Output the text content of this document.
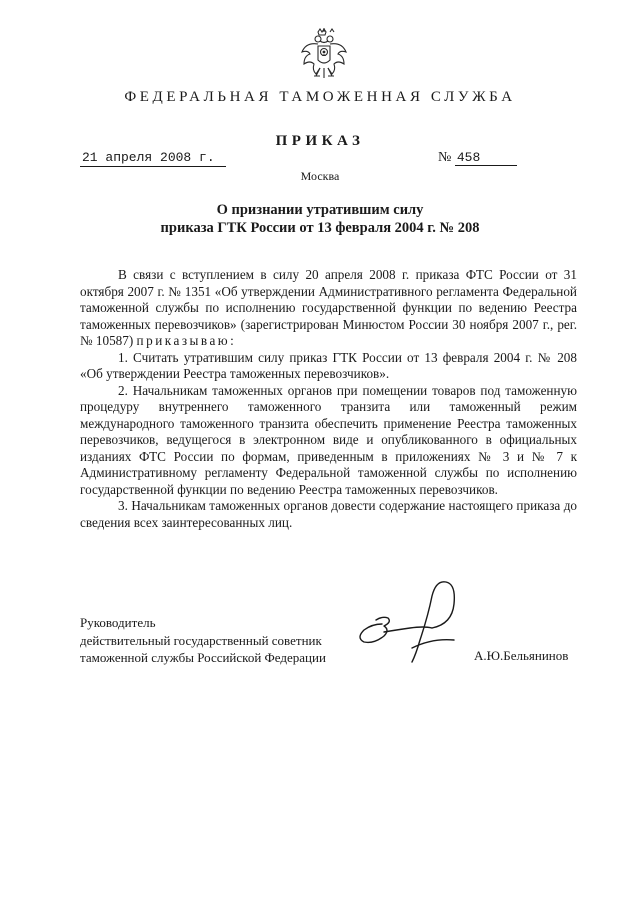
ФЕДЕРАЛЬНАЯ ТАМОЖЕННАЯ СЛУЖБА
ПРИКАЗ
21 апреля 2008 г.	№ 458
Москва
О признании утратившим силу
приказа ГТК России от 13 февраля 2004 г. № 208

В связи с вступлением в силу 20 апреля 2008 г. приказа ФТС России от 31 октября 2007 г. № 1351 «Об утверждении Административного регламента Федеральной таможенной службы по исполнению государственной функции по ведению Реестра таможенных перевозчиков» (зарегистрирован Минюстом России 30 ноября 2007 г., рег. № 10587) приказываю:

1. Считать утратившим силу приказ ГТК России от 13 февраля 2004 г. № 208 «Об утверждении Реестра таможенных перевозчиков».

2. Начальникам таможенных органов при помещении товаров под таможенную процедуру внутреннего таможенного транзита или таможенный режим международного таможенного транзита обеспечить применение Реестра таможенных перевозчиков, ведущегося в электронном виде и опубликованного в официальных изданиях ФТС России по формам, приведенным в приложениях № 3 и № 7 к Административному регламенту Федеральной таможенной службы по исполнению государственной функции по ведению Реестра таможенных перевозчиков.

3. Начальникам таможенных органов довести содержание настоящего приказа до сведения всех заинтересованных лиц.

Руководитель
действительный государственный советник
таможенной службы Российской Федерации	А.Ю.Бельянинов
